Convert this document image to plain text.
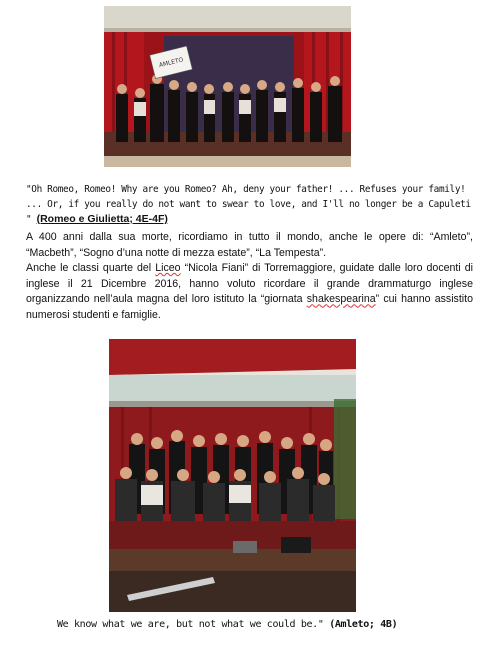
AMLETO
"Oh Romeo, Romeo! Why are you Romeo? Ah, deny your father! ... Refuses your family! ... Or, if you really do not want to swear to love, and I'll no longer be a Capuleti " (Romeo e Giulietta; 4E-4F)

A 400 anni dalla sua morte, ricordiamo in tutto il mondo, anche le opere di: “Amleto”, “Macbeth”, “Sogno d’una notte di mezza estate”, “La Tempesta”.

Anche le classi quarte del Liceo “Nicola Fiani” di Torremaggiore, guidate dalle loro docenti di inglese il 21 Dicembre 2016, hanno voluto ricordare il grande drammaturgo inglese organizzando nell’aula magna del loro istituto la “giornata shakespearina” cui hanno assistito numerosi studenti e famiglie.

We know what we are, but not what we could be." (Amleto; 4B)
